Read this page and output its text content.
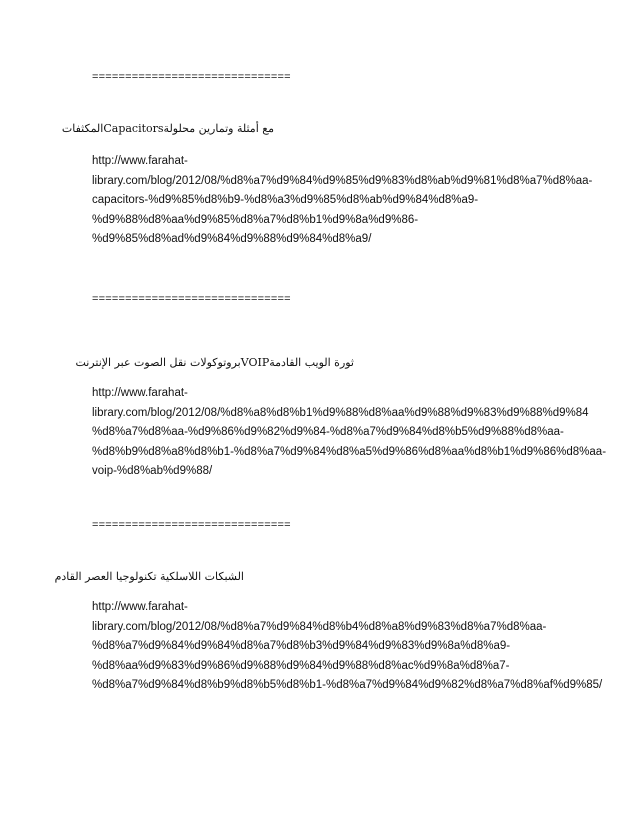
==============================
مع أمثلة وتمارين محلولةCapacitorsالمكثفات
http://www.farahat-
library.com/blog/2012/08/%d8%a7%d9%84%d9%85%d9%83%d8%ab%d9%81%d8%a7%d8%aa-
capacitors-%d9%85%d8%b9-%d8%a3%d9%85%d8%ab%d9%84%d8%a9-
%d9%88%d8%aa%d9%85%d8%a7%d8%b1%d9%8a%d9%86-
%d9%85%d8%ad%d9%84%d9%88%d9%84%d8%a9/
==============================
ثورة الويب القادمةVOIPبروتوكولات نقل الصوت عبر الإنترنت
http://www.farahat-
library.com/blog/2012/08/%d8%a8%d8%b1%d9%88%d8%aa%d9%88%d9%83%d9%88%d9%84
%d8%a7%d8%aa-%d9%86%d9%82%d9%84-%d8%a7%d9%84%d8%b5%d9%88%d8%aa-
%d8%b9%d8%a8%d8%b1-%d8%a7%d9%84%d8%a5%d9%86%d8%aa%d8%b1%d9%86%d8%aa-
voip-%d8%ab%d9%88/
==============================
الشبكات اللاسلكية تكنولوجيا العصر القادم
http://www.farahat-
library.com/blog/2012/08/%d8%a7%d9%84%d8%b4%d8%a8%d9%83%d8%a7%d8%aa-
%d8%a7%d9%84%d9%84%d8%a7%d8%b3%d9%84%d9%83%d9%8a%d8%a9-
%d8%aa%d9%83%d9%86%d9%88%d9%84%d9%88%d8%ac%d9%8a%d8%a7-
%d8%a7%d9%84%d8%b9%d8%b5%d8%b1-%d8%a7%d9%84%d9%82%d8%a7%d8%af%d9%85/
